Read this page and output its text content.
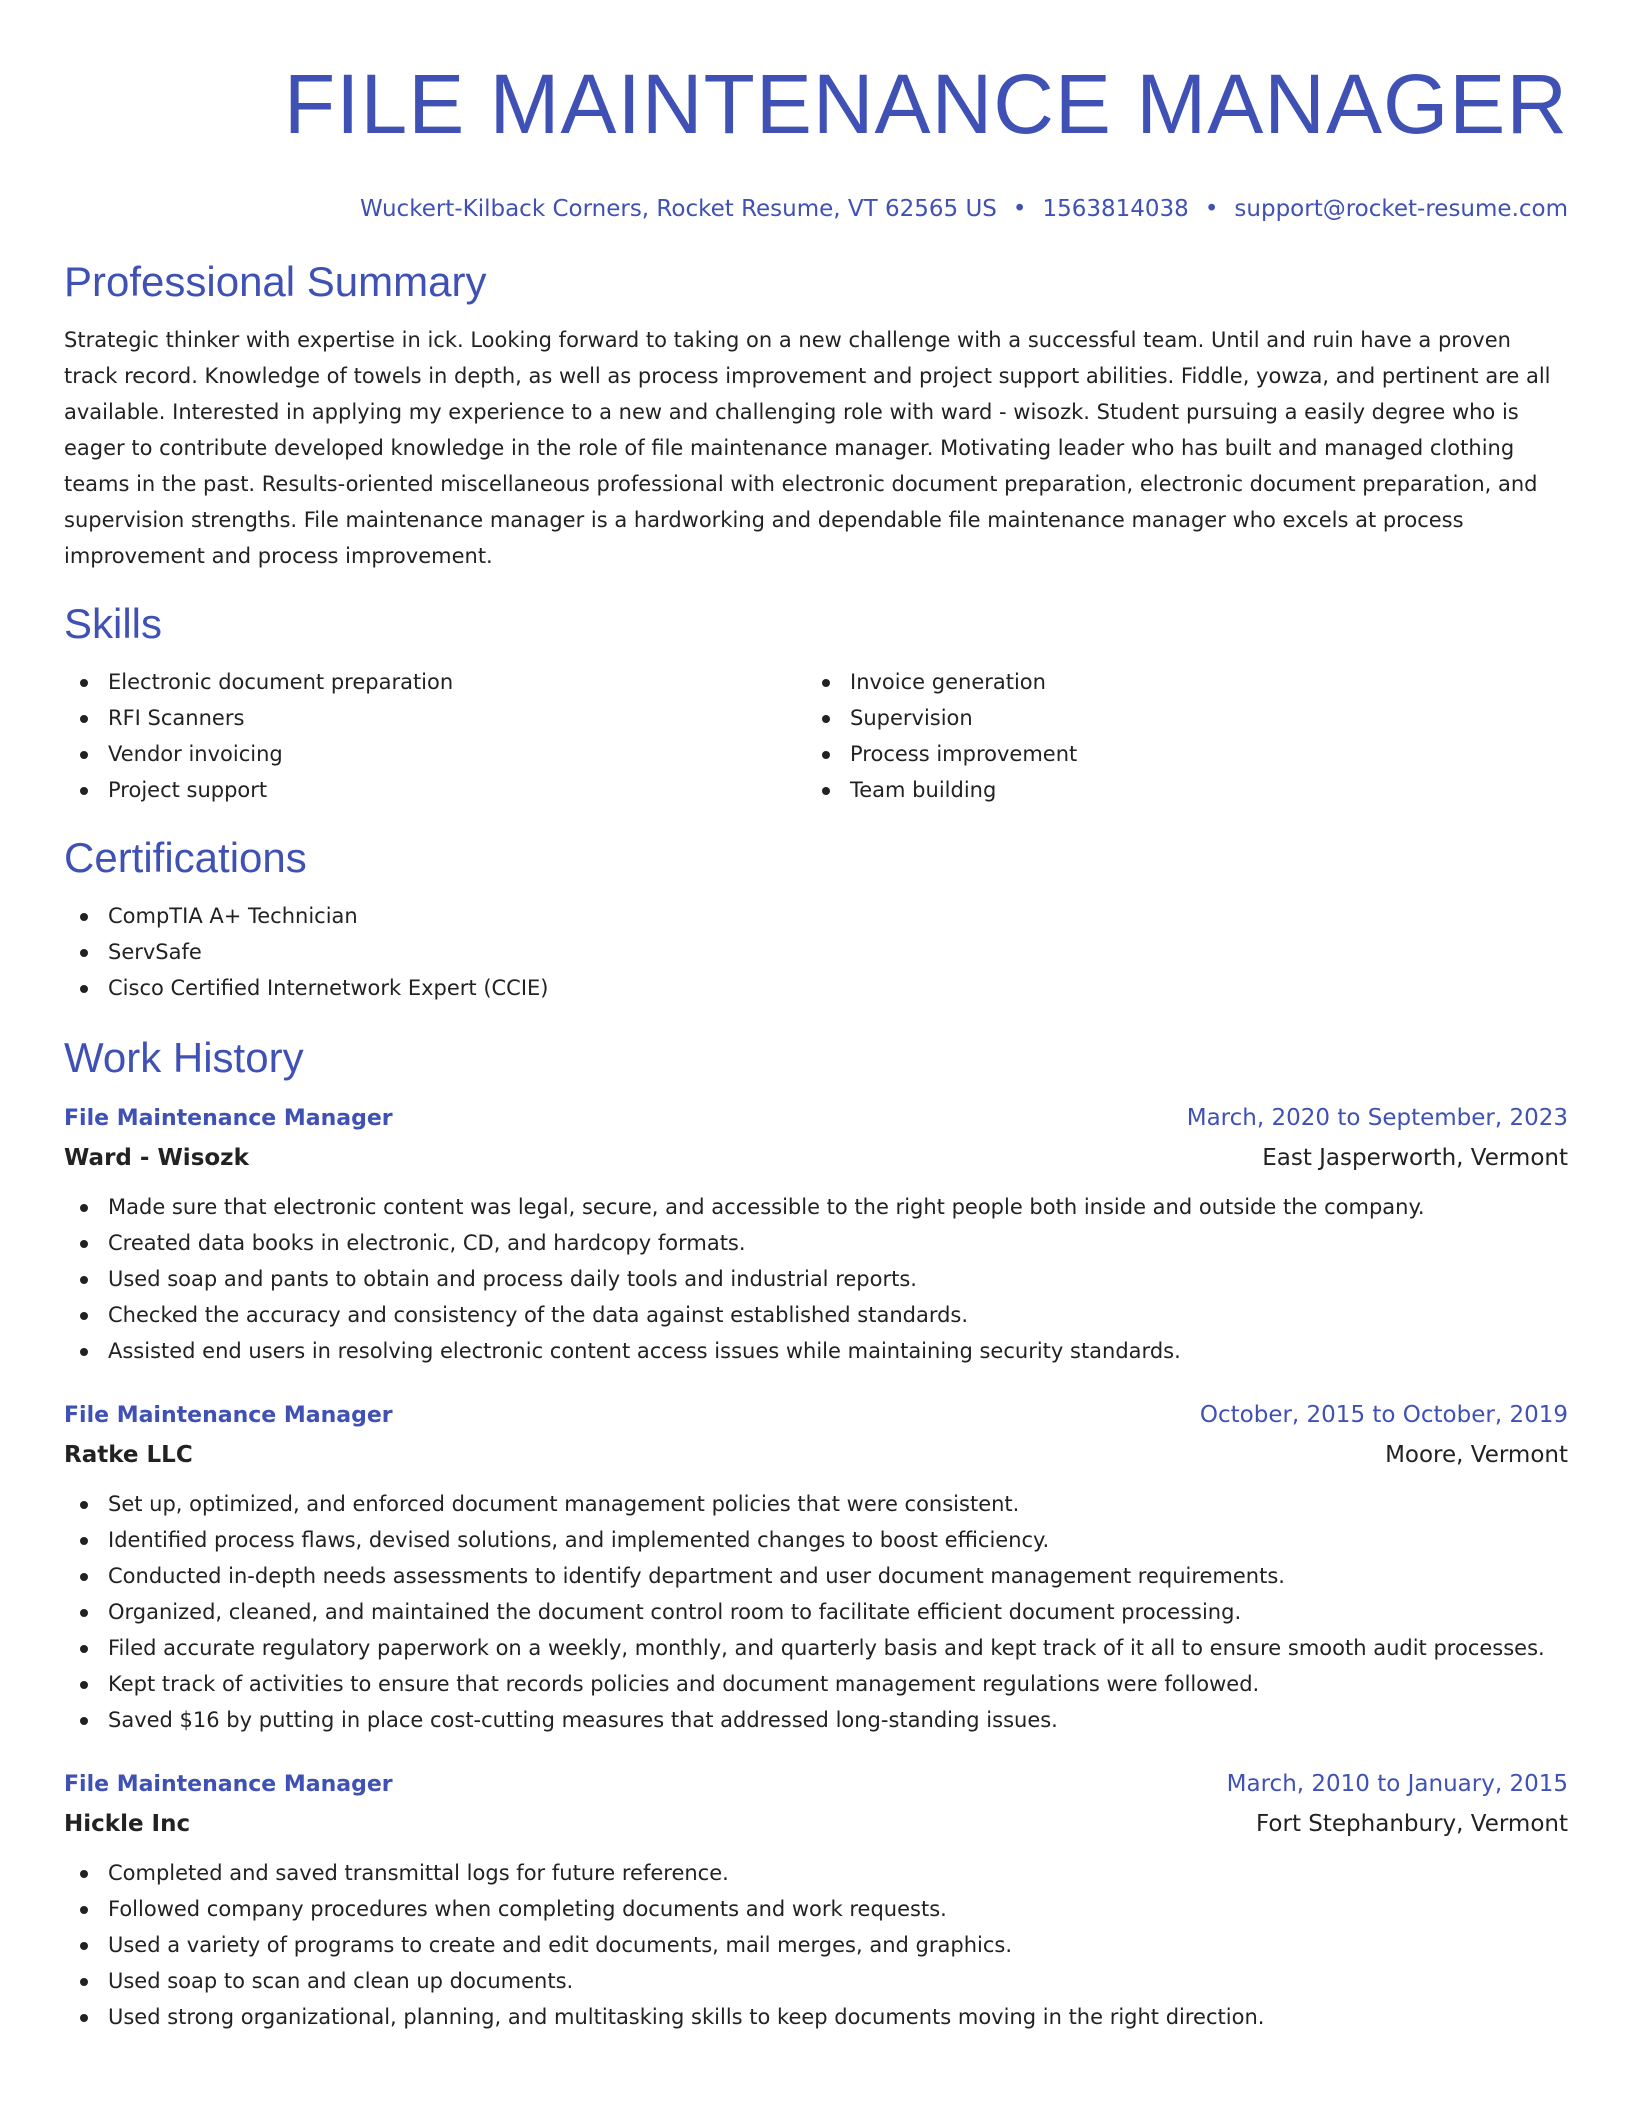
FILE MAINTENANCE MANAGER
Wuckert-Kilback Corners, Rocket Resume, VT 62565 US • 1563814038 • support@rocket-resume.com
Professional Summary
Strategic thinker with expertise in ick. Looking forward to taking on a new challenge with a successful team. Until and ruin have a proven track record. Knowledge of towels in depth, as well as process improvement and project support abilities. Fiddle, yowza, and pertinent are all available. Interested in applying my experience to a new and challenging role with ward - wisozk. Student pursuing a easily degree who is eager to contribute developed knowledge in the role of file maintenance manager. Motivating leader who has built and managed clothing teams in the past. Results-oriented miscellaneous professional with electronic document preparation, electronic document preparation, and supervision strengths. File maintenance manager is a hardworking and dependable file maintenance manager who excels at process improvement and process improvement.
Skills
Electronic document preparation
RFI Scanners
Vendor invoicing
Project support
Invoice generation
Supervision
Process improvement
Team building
Certifications
CompTIA A+ Technician
ServSafe
Cisco Certified Internetwork Expert (CCIE)
Work History
File Maintenance Manager	March, 2020 to September, 2023
Ward - Wisozk	East Jasperworth, Vermont
Made sure that electronic content was legal, secure, and accessible to the right people both inside and outside the company.
Created data books in electronic, CD, and hardcopy formats.
Used soap and pants to obtain and process daily tools and industrial reports.
Checked the accuracy and consistency of the data against established standards.
Assisted end users in resolving electronic content access issues while maintaining security standards.
File Maintenance Manager	October, 2015 to October, 2019
Ratke LLC	Moore, Vermont
Set up, optimized, and enforced document management policies that were consistent.
Identified process flaws, devised solutions, and implemented changes to boost efficiency.
Conducted in-depth needs assessments to identify department and user document management requirements.
Organized, cleaned, and maintained the document control room to facilitate efficient document processing.
Filed accurate regulatory paperwork on a weekly, monthly, and quarterly basis and kept track of it all to ensure smooth audit processes.
Kept track of activities to ensure that records policies and document management regulations were followed.
Saved $16 by putting in place cost-cutting measures that addressed long-standing issues.
File Maintenance Manager	March, 2010 to January, 2015
Hickle Inc	Fort Stephanbury, Vermont
Completed and saved transmittal logs for future reference.
Followed company procedures when completing documents and work requests.
Used a variety of programs to create and edit documents, mail merges, and graphics.
Used soap to scan and clean up documents.
Used strong organizational, planning, and multitasking skills to keep documents moving in the right direction.
